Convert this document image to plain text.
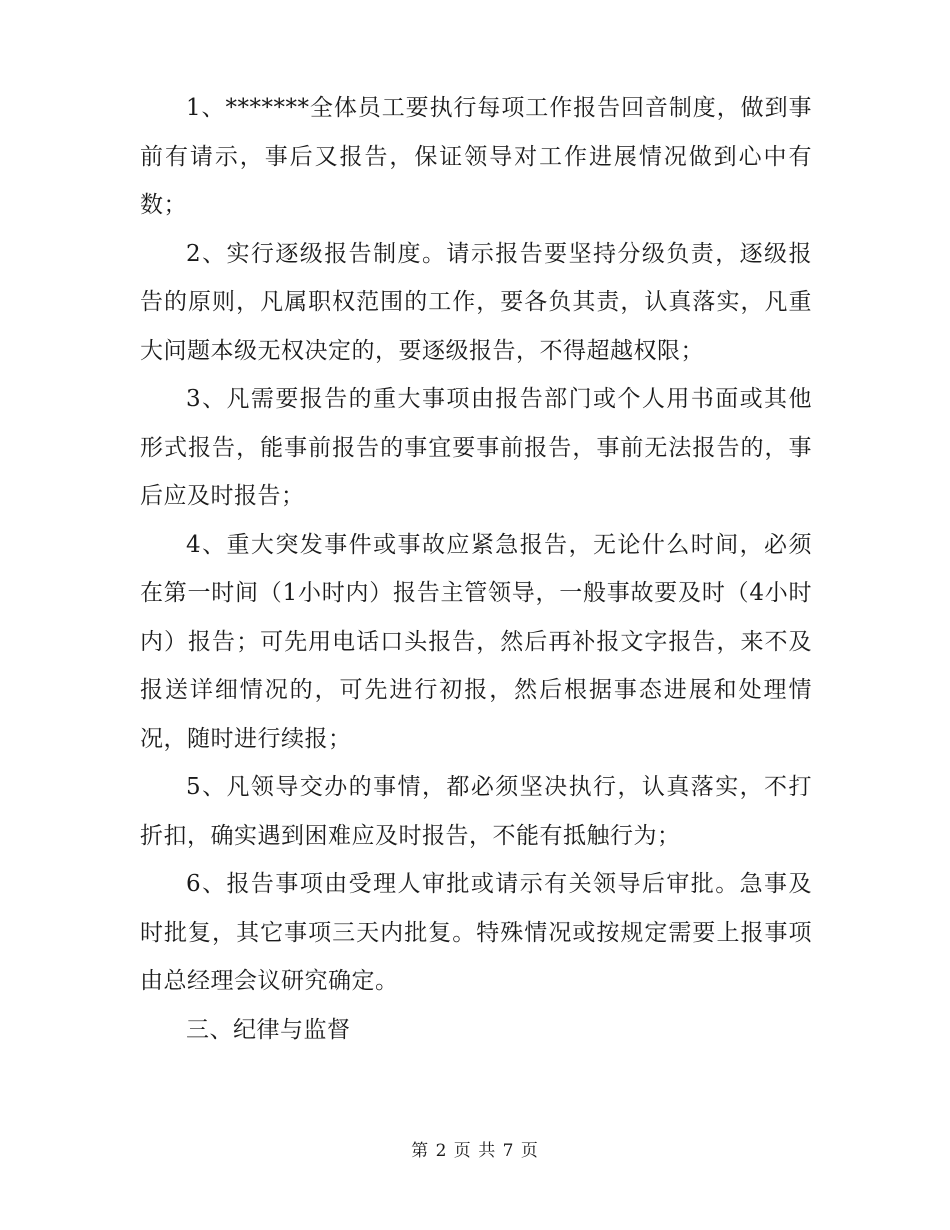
1、*******全体员工要执行每项工作报告回音制度，做到事前有请示，事后又报告，保证领导对工作进展情况做到心中有数；

2、实行逐级报告制度。请示报告要坚持分级负责，逐级报告的原则，凡属职权范围的工作，要各负其责，认真落实，凡重大问题本级无权决定的，要逐级报告，不得超越权限；

3、凡需要报告的重大事项由报告部门或个人用书面或其他形式报告，能事前报告的事宜要事前报告，事前无法报告的，事后应及时报告；

4、重大突发事件或事故应紧急报告，无论什么时间，必须在第一时间（1小时内）报告主管领导，一般事故要及时（4小时内）报告；可先用电话口头报告，然后再补报文字报告，来不及报送详细情况的，可先进行初报，然后根据事态进展和处理情况，随时进行续报；

5、凡领导交办的事情，都必须坚决执行，认真落实，不打折扣，确实遇到困难应及时报告，不能有抵触行为；

6、报告事项由受理人审批或请示有关领导后审批。急事及时批复，其它事项三天内批复。特殊情况或按规定需要上报事项由总经理会议研究确定。

三、纪律与监督

第 2 页 共 7 页
